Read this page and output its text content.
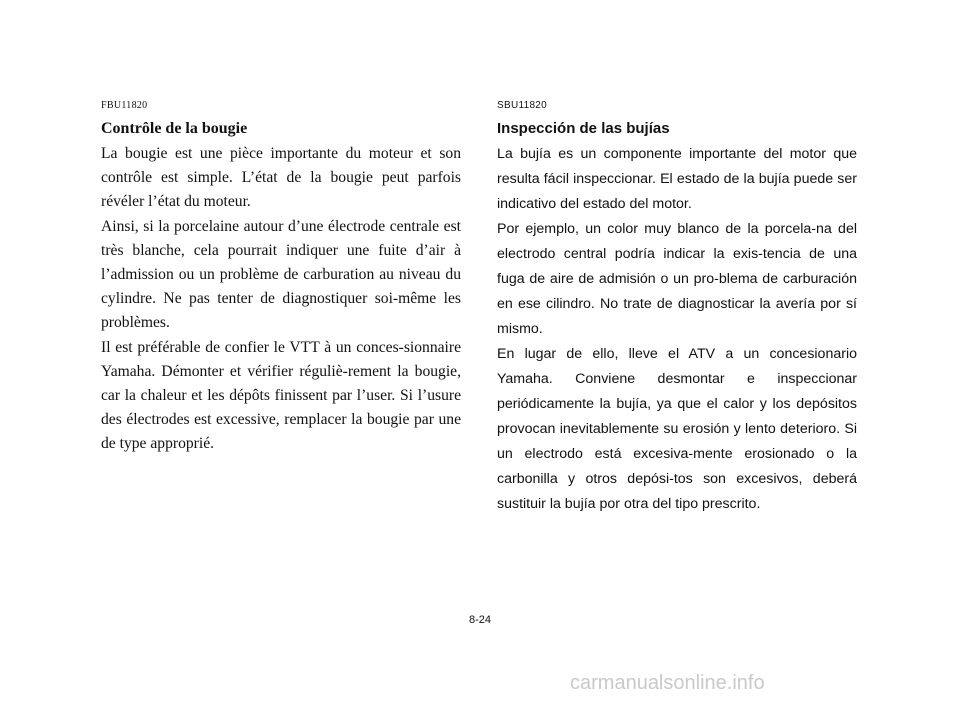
FBU11820

Contrôle de la bougie

La bougie est une pièce importante du moteur et son contrôle est simple. L’état de la bougie peut parfois révéler l’état du moteur.

Ainsi, si la porcelaine autour d’une électrode centrale est très blanche, cela pourrait indiquer une fuite d’air à l’admission ou un problème de carburation au niveau du cylindre. Ne pas tenter de diagnostiquer soi-même les problèmes.

Il est préférable de confier le VTT à un conces-sionnaire Yamaha. Démonter et vérifier réguliè-rement la bougie, car la chaleur et les dépôts finissent par l’user. Si l’usure des électrodes est excessive, remplacer la bougie par une de type approprié.

SBU11820

Inspección de las bujías

La bujía es un componente importante del motor que resulta fácil inspeccionar. El estado de la bujía puede ser indicativo del estado del motor.

Por ejemplo, un color muy blanco de la porcela-na del electrodo central podría indicar la exis-tencia de una fuga de aire de admisión o un pro-blema de carburación en ese cilindro. No trate de diagnosticar la avería por sí mismo.

En lugar de ello, lleve el ATV a un concesionario Yamaha. Conviene desmontar e inspeccionar periódicamente la bujía, ya que el calor y los depósitos provocan inevitablemente su erosión y lento deterioro. Si un electrodo está excesiva-mente erosionado o la carbonilla y otros depósi-tos son excesivos, deberá sustituir la bujía por otra del tipo prescrito.

8-24
carmanualsonline.info
